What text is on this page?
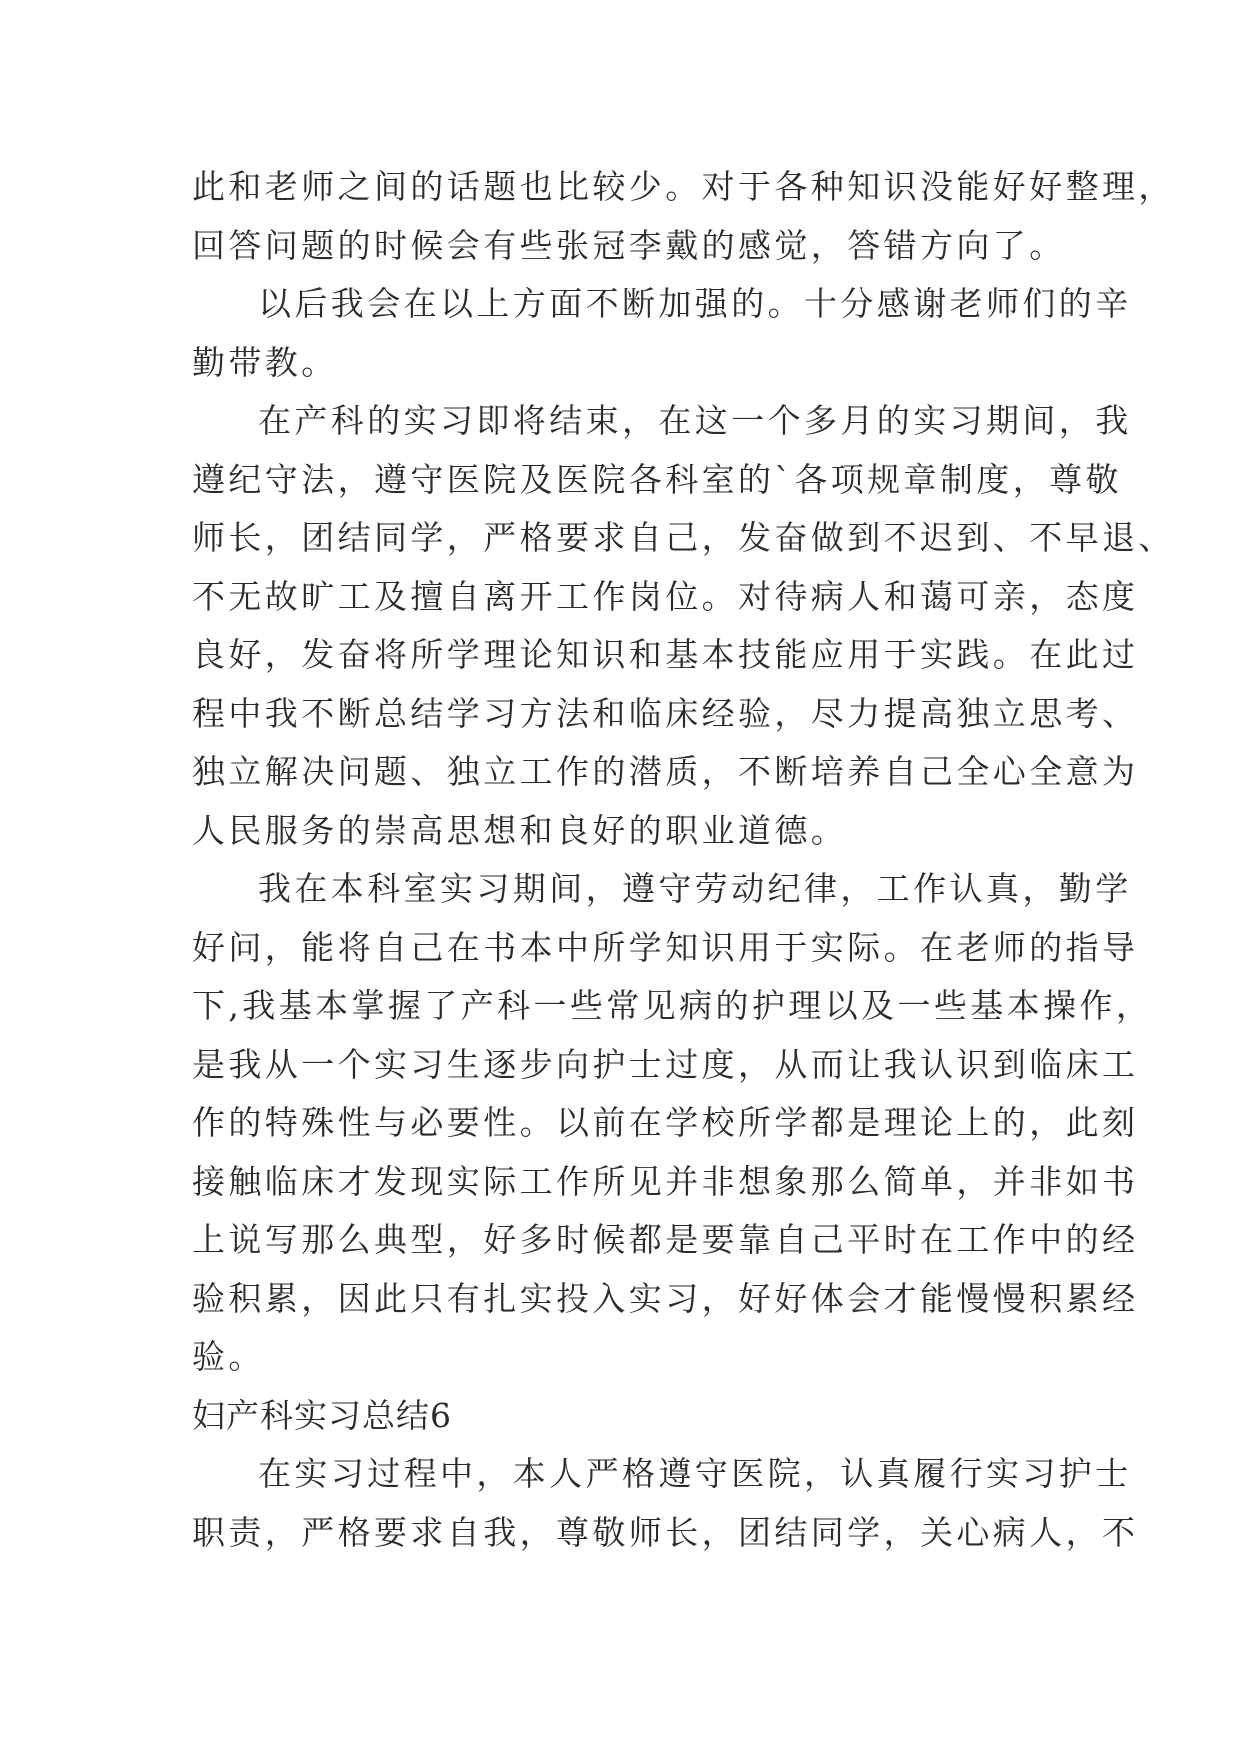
此和老师之间的话题也比较少。对于各种知识没能好好整理，
回答问题的时候会有些张冠李戴的感觉，答错方向了。
以后我会在以上方面不断加强的。十分感谢老师们的辛
勤带教。
在产科的实习即将结束，在这一个多月的实习期间，我
遵纪守法，遵守医院及医院各科室的`各项规章制度，尊敬
师长，团结同学，严格要求自己，发奋做到不迟到、不早退、
不无故旷工及擅自离开工作岗位。对待病人和蔼可亲，态度
良好，发奋将所学理论知识和基本技能应用于实践。在此过
程中我不断总结学习方法和临床经验，尽力提高独立思考、
独立解决问题、独立工作的潜质，不断培养自己全心全意为
人民服务的崇高思想和良好的职业道德。
我在本科室实习期间，遵守劳动纪律，工作认真，勤学
好问，能将自己在书本中所学知识用于实际。在老师的指导
下,我基本掌握了产科一些常见病的护理以及一些基本操作，
是我从一个实习生逐步向护士过度，从而让我认识到临床工
作的特殊性与必要性。以前在学校所学都是理论上的，此刻
接触临床才发现实际工作所见并非想象那么简单，并非如书
上说写那么典型，好多时候都是要靠自己平时在工作中的经
验积累，因此只有扎实投入实习，好好体会才能慢慢积累经
验。
妇产科实习总结6
在实习过程中，本人严格遵守医院，认真履行实习护士
职责，严格要求自我，尊敬师长，团结同学，关心病人，不
